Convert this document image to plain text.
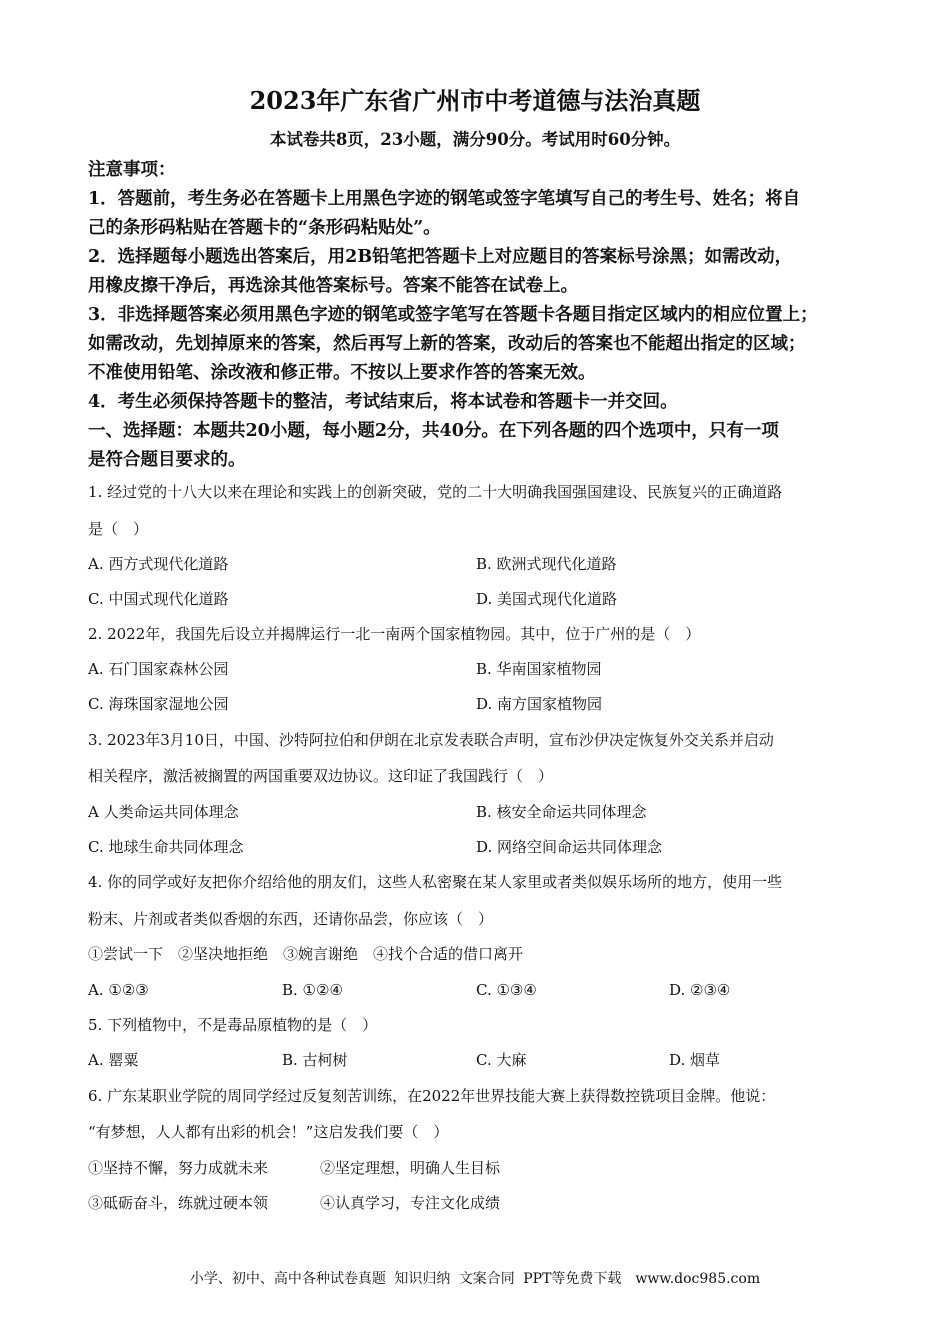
2023年广东省广州市中考道德与法治真题
本试卷共8页，23小题，满分90分。考试用时60分钟。
注意事项：
1．答题前，考生务必在答题卡上用黑色字迹的钢笔或签字笔填写自己的考生号、姓名；将自
己的条形码粘贴在答题卡的“条形码粘贴处”。
2．选择题每小题选出答案后，用2B铅笔把答题卡上对应题目的答案标号涂黑；如需改动，
用橡皮擦干净后，再选涂其他答案标号。答案不能答在试卷上。
3．非选择题答案必须用黑色字迹的钢笔或签字笔写在答题卡各题目指定区域内的相应位置上；
如需改动，先划掉原来的答案，然后再写上新的答案，改动后的答案也不能超出指定的区域；
不准使用铅笔、涂改液和修正带。不按以上要求作答的答案无效。
4．考生必须保持答题卡的整洁，考试结束后，将本试卷和答题卡一并交回。
一、选择题：本题共20小题，每小题2分，共40分。在下列各题的四个选项中，只有一项
是符合题目要求的。
1. 经过党的十八大以来在理论和实践上的创新突破，党的二十大明确我国强国建设、民族复兴的正确道路
是（　）
A. 西方式现代化道路	B. 欧洲式现代化道路
C. 中国式现代化道路	D. 美国式现代化道路
2. 2022年，我国先后设立并揭牌运行一北一南两个国家植物园。其中，位于广州的是（　）
A. 石门国家森林公园	B. 华南国家植物园
C. 海珠国家湿地公园	D. 南方国家植物园
3. 2023年3月10日，中国、沙特阿拉伯和伊朗在北京发表联合声明，宣布沙伊决定恢复外交关系并启动
相关程序，激活被搁置的两国重要双边协议。这印证了我国践行（　）
A 人类命运共同体理念	B. 核安全命运共同体理念
C. 地球生命共同体理念	D. 网络空间命运共同体理念
4. 你的同学或好友把你介绍给他的朋友们，这些人私密聚在某人家里或者类似娱乐场所的地方，使用一些
粉末、片剂或者类似香烟的东西，还请你品尝，你应该（　）
①尝试一下　②坚决地拒绝　③婉言谢绝　④找个合适的借口离开
A. ①②③	B. ①②④	C. ①③④	D. ②③④
5. 下列植物中，不是毒品原植物的是（　）
A. 罂粟	B. 古柯树	C. 大麻	D. 烟草
6. 广东某职业学院的周同学经过反复刻苦训练，在2022年世界技能大赛上获得数控铣项目金牌。他说：
“有梦想，人人都有出彩的机会！”这启发我们要（　）
①坚持不懈，努力成就未来	②坚定理想，明确人生目标
③砥砺奋斗，练就过硬本领	④认真学习，专注文化成绩
小学、初中、高中各种试卷真题 知识归纳 文案合同 PPT等免费下载　www.doc985.com
